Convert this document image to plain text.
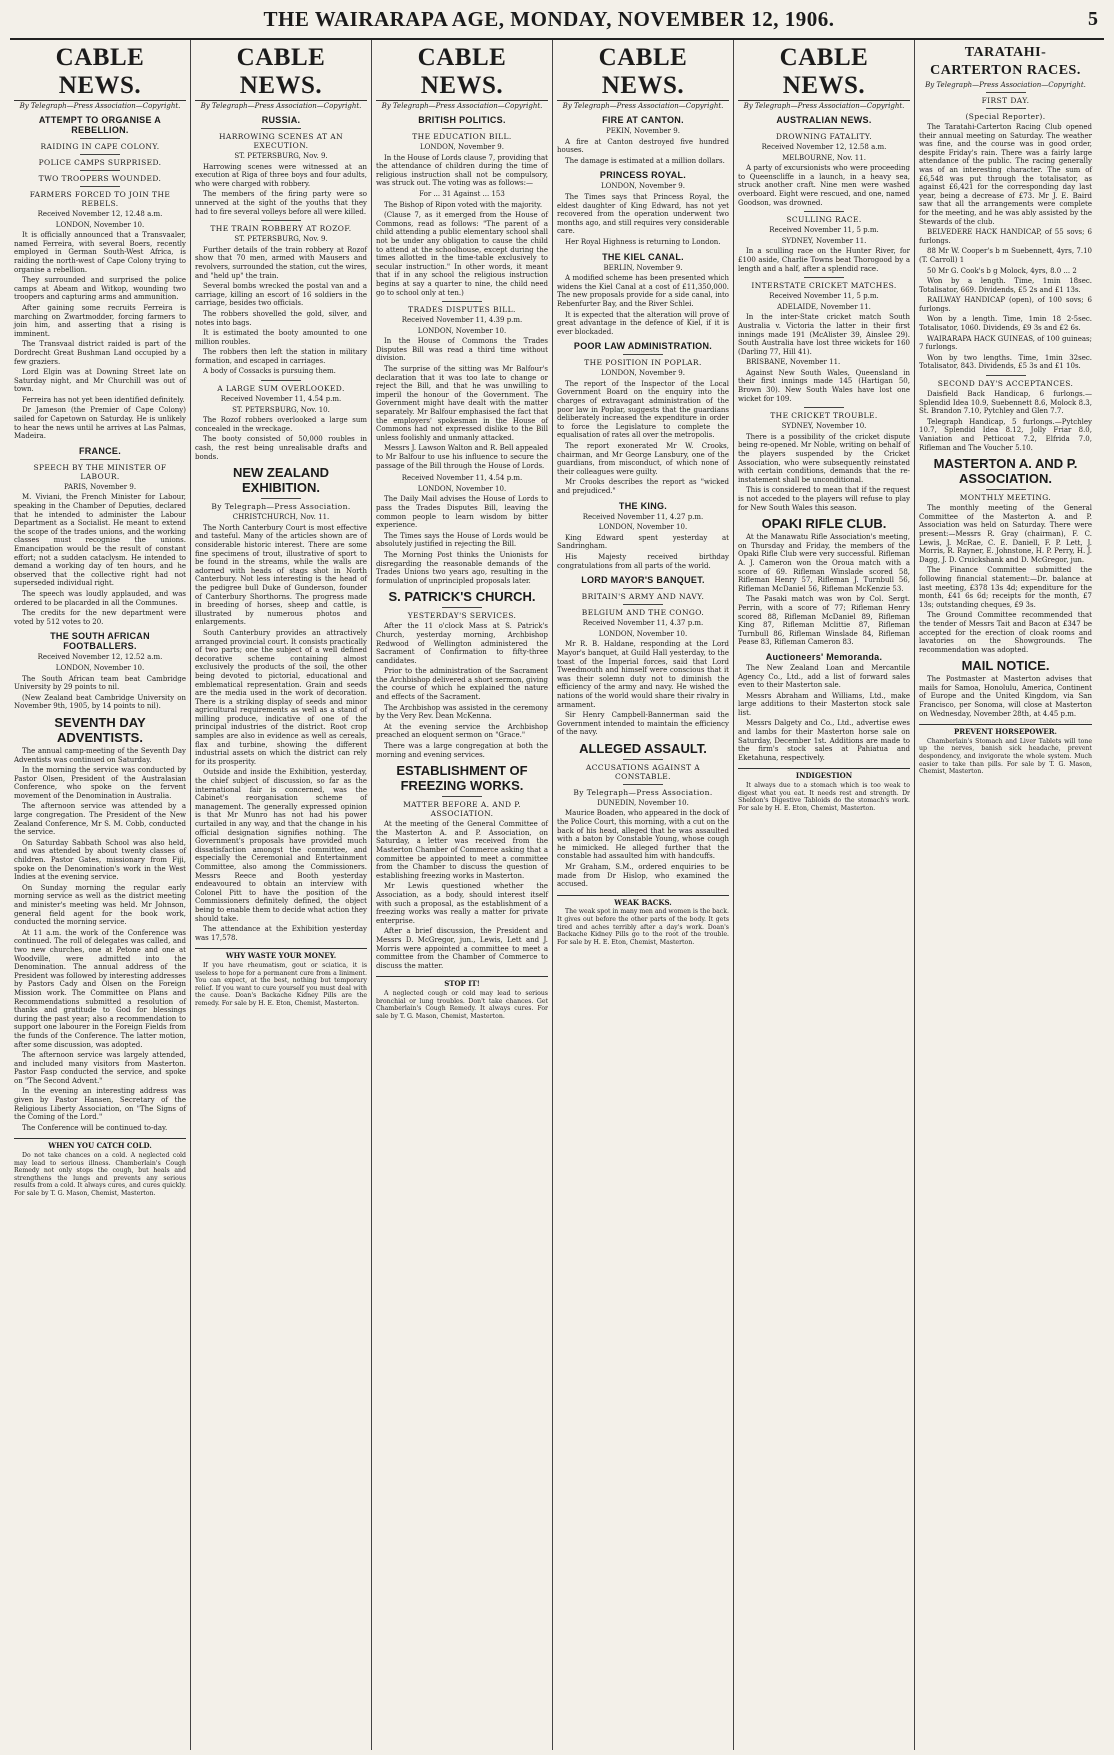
THE WAIRARAPA AGE, MONDAY, NOVEMBER 12, 1906.	5
CABLE NEWS.
By Telegraph—Press Association—Copyright.
ATTEMPT TO ORGANISE A REBELLION.
RAIDING IN CAPE COLONY.
POLICE CAMPS SURPRISED.
TWO TROOPERS WOUNDED.
FARMERS FORCED TO JOIN THE REBELS.

Received November 12, 12.48 a.m.

LONDON, November 10.

It is officially announced that a Transvaaler, named Ferreira, with several Boers, recently employed in German South-West Africa, is raiding the north-west of Cape Colony trying to organise a rebellion.

They surrounded and surprised the police camps at Abeam and Witkop, wounding two troopers and capturing arms and ammunition.

After gaining some recruits Ferreira is marching on Zwartmodder, forcing farmers to join him, and asserting that a rising is imminent.

The Transvaal district raided is part of the Dordrecht Great Bushman Land occupied by a few graziers.

Lord Elgin was at Downing Street late on Saturday night, and Mr Churchill was out of town.

Ferreira has not yet been identified definitely.

Dr Jameson (the Premier of Cape Colony) sailed for Capetown on Saturday. He is unlikely to hear the news until he arrives at Las Palmas, Madeira.

FRANCE.
SPEECH BY THE MINISTER OF LABOUR.

PARIS, November 9.

M. Viviani, the French Minister for Labour, speaking in the Chamber of Deputies, declared that he intended to administer the Labour Department as a Socialist. He meant to extend the scope of the trades unions, and the working classes must recognise the unions. Emancipation would be the result of constant effort; not a sudden cataclysm. He intended to demand a working day of ten hours, and he observed that the collective right had not superseded individual right.

The speech was loudly applauded, and was ordered to be placarded in all the Communes.

The credits for the new department were voted by 512 votes to 20.

THE SOUTH AFRICAN FOOTBALLERS.

Received November 12, 12.52 a.m.

LONDON, November 10.

The South African team beat Cambridge University by 29 points to nil.

(New Zealand beat Cambridge University on November 9th, 1905, by 14 points to nil).

SEVENTH DAY ADVENTISTS.

The annual camp-meeting of the Seventh Day Adventists was continued on Saturday.

In the morning the service was conducted by Pastor Olsen, President of the Australasian Conference, who spoke on the fervent movement of the Denomination in Australia.

The afternoon service was attended by a large congregation. The President of the New Zealand Conference, Mr S. M. Cobb, conducted the service.

On Saturday Sabbath School was also held, and was attended by about twenty classes of children. Pastor Gates, missionary from Fiji, spoke on the Denomination's work in the West Indies at the evening service.

On Sunday morning the regular early morning service as well as the district meeting and minister's meeting was held. Mr Johnson, general field agent for the book work, conducted the morning service.

At 11 a.m. the work of the Conference was continued. The roll of delegates was called, and two new churches, one at Petone and one at Woodville, were admitted into the Denomination. The annual address of the President was followed by interesting addresses by Pastors Cady and Olsen on the Foreign Mission work. The Committee on Plans and Recommendations submitted a resolution of thanks and gratitude to God for blessings during the past year; also a recommendation to support one labourer in the Foreign Fields from the funds of the Conference. The latter motion, after some discussion, was adopted.

The afternoon service was largely attended, and included many visitors from Masterton. Pastor Fasp conducted the service, and spoke on "The Second Advent."

In the evening an interesting address was given by Pastor Hansen, Secretary of the Religious Liberty Association, on "The Signs of the Coming of the Lord."

The Conference will be continued to-day.

WHEN YOU CATCH COLD.

Do not take chances on a cold. A neglected cold may lead to serious illness. Chamberlain's Cough Remedy not only stops the cough, but heals and strengthens the lungs and prevents any serious results from a cold. It always cures, and cures quickly. For sale by T. G. Mason, Chemist, Masterton.

CABLE NEWS.
By Telegraph—Press Association—Copyright.
RUSSIA.
HARROWING SCENES AT AN EXECUTION.

ST. PETERSBURG, Nov. 9.

Harrowing scenes were witnessed at an execution at Riga of three boys and four adults, who were charged with robbery.

The members of the firing party were so unnerved at the sight of the youths that they had to fire several volleys before all were killed.

THE TRAIN ROBBERY AT ROZOF.

ST. PETERSBURG, Nov. 9.

Further details of the train robbery at Rozof show that 70 men, armed with Mausers and revolvers, surrounded the station, cut the wires, and "held up" the train.

Several bombs wrecked the postal van and a carriage, killing an escort of 16 soldiers in the carriage, besides two officials.

The robbers shovelled the gold, silver, and notes into bags.

It is estimated the booty amounted to one million roubles.

The robbers then left the station in military formation, and escaped in carriages.

A body of Cossacks is pursuing them.

A LARGE SUM OVERLOOKED.

Received November 11, 4.54 p.m.

ST. PETERSBURG, Nov. 10.

The Rozof robbers overlooked a large sum concealed in the wreckage.

The booty consisted of 50,000 roubles in cash, the rest being unrealisable drafts and bonds.

NEW ZEALAND EXHIBITION.
By Telegraph—Press Association.

CHRISTCHURCH, Nov. 11.

The North Canterbury Court is most effective and tasteful. Many of the articles shown are of considerable historic interest. There are some fine specimens of trout, illustrative of sport to be found in the streams, while the walls are adorned with heads of stags shot in North Canterbury. Not less interesting is the head of the pedigree bull Duke of Gunderson, founder of Canterbury Shorthorns. The progress made in breeding of horses, sheep and cattle, is illustrated by numerous photos and enlargements.

South Canterbury provides an attractively arranged provincial court. It consists practically of two parts; one the subject of a well defined decorative scheme containing almost exclusively the products of the soil, the other being devoted to pictorial, educational and emblematical representation. Grain and seeds are the media used in the work of decoration. There is a striking display of seeds and minor agricultural requirements as well as a stand of milling produce, indicative of one of the principal industries of the district. Root crop samples are also in evidence as well as cereals, flax and turbine, showing the different industrial assets on which the district can rely for its prosperity.

Outside and inside the Exhibition, yesterday, the chief subject of discussion, so far as the international fair is concerned, was the Cabinet's reorganisation scheme of management. The generally expressed opinion is that Mr Munro has not had his power curtailed in any way, and that the change in his official designation signifies nothing. The Government's proposals have provided much dissatisfaction amongst the committee, and especially the Ceremonial and Entertainment Committee, also among the Commissioners. Messrs Reece and Booth yesterday endeavoured to obtain an interview with Colonel Pitt to have the position of the Commissioners definitely defined, the object being to enable them to decide what action they should take.

The attendance at the Exhibition yesterday was 17,578.

WHY WASTE YOUR MONEY.

If you have rheumatism, gout or sciatica, it is useless to hope for a permanent cure from a liniment. You can expect, at the best, nothing but temporary relief. If you want to cure yourself you must deal with the cause. Doan's Backache Kidney Pills are the remedy. For sale by H. E. Eton, Chemist, Masterton.

CABLE NEWS.
By Telegraph—Press Association—Copyright.
BRITISH POLITICS.
THE EDUCATION BILL.

LONDON, November 9.

In the House of Lords clause 7, providing that the attendance of children during the time of religious instruction shall not be compulsory, was struck out. The voting was as follows:—

For ... 31 Against ... 153

The Bishop of Ripon voted with the majority.

(Clause 7, as it emerged from the House of Commons, read as follows: "The parent of a child attending a public elementary school shall not be under any obligation to cause the child to attend at the schoolhouse, except during the times allotted in the time-table exclusively to secular instruction." In other words, it meant that if in any school the religious instruction begins at say a quarter to nine, the child need go to school only at ten.)

TRADES DISPUTES BILL.

Received November 11, 4.39 p.m.

LONDON, November 10.

In the House of Commons the Trades Disputes Bill was read a third time without division.

The surprise of the sitting was Mr Balfour's declaration that it was too late to change or reject the Bill, and that he was unwilling to imperil the honour of the Government. The Government might have dealt with the matter separately. Mr Balfour emphasised the fact that the employers' spokesman in the House of Commons had not expressed dislike to the Bill unless foolishly and unmanly attacked.

Messrs J. Lawson Walton and R. Bell appealed to Mr Balfour to use his influence to secure the passage of the Bill through the House of Lords.

Received November 11, 4.54 p.m.

LONDON, November 10.

The Daily Mail advises the House of Lords to pass the Trades Disputes Bill, leaving the common people to learn wisdom by bitter experience.

The Times says the House of Lords would be absolutely justified in rejecting the Bill.

The Morning Post thinks the Unionists for disregarding the reasonable demands of the Trades Unions two years ago, resulting in the formulation of unprincipled proposals later.

S. PATRICK'S CHURCH.
YESTERDAY'S SERVICES.

After the 11 o'clock Mass at S. Patrick's Church, yesterday morning, Archbishop Redwood of Wellington administered the Sacrament of Confirmation to fifty-three candidates.

Prior to the administration of the Sacrament the Archbishop delivered a short sermon, giving the course of which he explained the nature and effects of the Sacrament.

The Archbishop was assisted in the ceremony by the Very Rev. Dean McKenna.

At the evening service the Archbishop preached an eloquent sermon on "Grace."

There was a large congregation at both the morning and evening services.

ESTABLISHMENT OF FREEZING WORKS.
MATTER BEFORE A. AND P. ASSOCIATION.

At the meeting of the General Committee of the Masterton A. and P. Association, on Saturday, a letter was received from the Masterton Chamber of Commerce asking that a committee be appointed to meet a committee from the Chamber to discuss the question of establishing freezing works in Masterton.

Mr Lewis questioned whether the Association, as a body, should interest itself with such a proposal, as the establishment of a freezing works was really a matter for private enterprise.

After a brief discussion, the President and Messrs D. McGregor, jun., Lewis, Lett and J. Morris were appointed a committee to meet a committee from the Chamber of Commerce to discuss the matter.

STOP IT!

A neglected cough or cold may lead to serious bronchial or lung troubles. Don't take chances. Get Chamberlain's Cough Remedy. It always cures. For sale by T. G. Mason, Chemist, Masterton.

CABLE NEWS.
By Telegraph—Press Association—Copyright.
FIRE AT CANTON.

PEKIN, November 9.

A fire at Canton destroyed five hundred houses.

The damage is estimated at a million dollars.

PRINCESS ROYAL.

LONDON, November 9.

The Times says that Princess Royal, the eldest daughter of King Edward, has not yet recovered from the operation underwent two months ago, and still requires very considerable care.

Her Royal Highness is returning to London.

THE KIEL CANAL.

BERLIN, November 9.

A modified scheme has been presented which widens the Kiel Canal at a cost of £11,350,000. The new proposals provide for a side canal, into Rebenfurter Bay, and the River Schlei.

It is expected that the alteration will prove of great advantage in the defence of Kiel, if it is ever blockaded.

POOR LAW ADMINISTRATION.
THE POSITION IN POPLAR.

LONDON, November 9.

The report of the Inspector of the Local Government Board on the enquiry into the charges of extravagant administration of the poor law in Poplar, suggests that the guardians deliberately increased the expenditure in order to force the Legislature to complete the equalisation of rates all over the metropolis.

The report exonerated Mr W. Crooks, chairman, and Mr George Lansbury, one of the guardians, from misconduct, of which none of their colleagues were guilty.

Mr Crooks describes the report as "wicked and prejudiced."

THE KING.

Received November 11, 4.27 p.m.

LONDON, November 10.

King Edward spent yesterday at Sandringham.

His Majesty received birthday congratulations from all parts of the world.

LORD MAYOR'S BANQUET.
BRITAIN'S ARMY AND NAVY.
BELGIUM AND THE CONGO.

Received November 11, 4.37 p.m.

LONDON, November 10.

Mr R. B. Haldane, responding at the Lord Mayor's banquet, at Guild Hall yesterday, to the toast of the Imperial forces, said that Lord Tweedmouth and himself were conscious that it was their solemn duty not to diminish the efficiency of the army and navy. He wished the nations of the world would share their rivalry in armament.

Sir Henry Campbell-Bannerman said the Government intended to maintain the efficiency of the navy.

ALLEGED ASSAULT.
ACCUSATIONS AGAINST A CONSTABLE.
By Telegraph—Press Association.

DUNEDIN, November 10.

Maurice Boaden, who appeared in the dock of the Police Court, this morning, with a cut on the back of his head, alleged that he was assaulted with a baton by Constable Young, whose cough he mimicked. He alleged further that the constable had assaulted him with handcuffs.

Mr Graham, S.M., ordered enquiries to be made from Dr Hislop, who examined the accused.

WEAK BACKS.

The weak spot in many men and women is the back. It gives out before the other parts of the body. It gets tired and aches terribly after a day's work. Doan's Backache Kidney Pills go to the root of the trouble. For sale by H. E. Eton, Chemist, Masterton.

CABLE NEWS.
By Telegraph—Press Association—Copyright.
AUSTRALIAN NEWS.
DROWNING FATALITY.

Received November 12, 12.58 a.m.

MELBOURNE, Nov. 11.

A party of excursionists who were proceeding to Queenscliffe in a launch, in a heavy sea, struck another craft. Nine men were washed overboard. Eight were rescued, and one, named Goodson, was drowned.

SCULLING RACE.

Received November 11, 5 p.m.

SYDNEY, November 11.

In a sculling race on the Hunter River, for £100 aside, Charlie Towns beat Thorogood by a length and a half, after a splendid race.

INTERSTATE CRICKET MATCHES.

Received November 11, 5 p.m.

ADELAIDE, November 11.

In the inter-State cricket match South Australia v. Victoria the latter in their first innings made 191 (McAlister 39, Ainslee 29). South Australia have lost three wickets for 160 (Darling 77, Hill 41).

BRISBANE, November 11.

Against New South Wales, Queensland in their first innings made 145 (Hartigan 50, Brown 30). New South Wales have lost one wicket for 109.

THE CRICKET TROUBLE.

SYDNEY, November 10.

There is a possibility of the cricket dispute being re-opened. Mr Noble, writing on behalf of the players suspended by the Cricket Association, who were subsequently reinstated with certain conditions, demands that the re-instatement shall be unconditional.

This is considered to mean that if the request is not acceded to the players will refuse to play for New South Wales this season.

OPAKI RIFLE CLUB.

At the Manawatu Rifle Association's meeting, on Thursday and Friday, the members of the Opaki Rifle Club were very successful. Rifleman A. J. Cameron won the Oroua match with a score of 69. Rifleman Winslade scored 58, Rifleman Henry 57, Rifleman J. Turnbull 56, Rifleman McDaniel 56, Rifleman McKenzie 53.

The Pasaki match was won by Col. Sergt. Perrin, with a score of 77; Rifleman Henry scored 88, Rifleman McDaniel 89, Rifleman King 87, Rifleman Mclittie 87, Rifleman Turnbull 86, Rifleman Winslade 84, Rifleman Pease 83, Rifleman Cameron 83.

Auctioneers' Memoranda.

The New Zealand Loan and Mercantile Agency Co., Ltd., add a list of forward sales even to their Masterton sale.

Messrs Abraham and Williams, Ltd., make large additions to their Masterton stock sale list.

Messrs Dalgety and Co., Ltd., advertise ewes and lambs for their Masterton horse sale on Saturday, December 1st. Additions are made to the firm's stock sales at Pahiatua and Eketahuna, respectively.

INDIGESTION

It always due to a stomach which is too weak to digest what you eat. It needs rest and strength. Dr Sheldon's Digestive Tabloids do the stomach's work. For sale by H. E. Eton, Chemist, Masterton.

TARATAHI-CARTERTON RACES.
By Telegraph—Press Association—Copyright.
FIRST DAY.
(Special Reporter).

The Taratahi-Carterton Racing Club opened their annual meeting on Saturday. The weather was fine, and the course was in good order, despite Friday's rain. There was a fairly large attendance of the public. The racing generally was of an interesting character. The sum of £6,548 was put through the totalisator, as against £6,421 for the corresponding day last year, being a decrease of £73. Mr J. E. Baird saw that all the arrangements were complete for the meeting, and he was ably assisted by the Stewards of the club.

BELVEDERE HACK HANDICAP, of 55 sovs; 6 furlongs.

88 Mr W. Cooper's b m Suebennett, 4yrs, 7.10 (T. Carroll) 1

50 Mr G. Cook's b g Molock, 4yrs, 8.0 ... 2

Won by a length. Time, 1min 18sec. Totalisator, 669. Dividends, £5 2s and £1 13s.

RAILWAY HANDICAP (open), of 100 sovs; 6 furlongs.

Won by a length. Time, 1min 18 2-5sec. Totalisator, 1060. Dividends, £9 3s and £2 6s.

WAIRARAPA HACK GUINEAS, of 100 guineas; 7 furlongs.

Won by two lengths. Time, 1min 32sec. Totalisator, 843. Dividends, £5 3s and £1 10s.

SECOND DAY'S ACCEPTANCES.

Daisfield Back Handicap, 6 furlongs.—Splendid Idea 10.9, Suebennett 8.6, Molock 8.3, St. Brandon 7.10, Pytchley and Glen 7.7.

Telegraph Handicap, 5 furlongs.—Pytchley 10.7, Splendid Idea 8.12, Jolly Friar 8.0, Vaniation and Petticoat 7.2, Elfrida 7.0, Rifleman and The Voucher 5.10.

MASTERTON A. AND P. ASSOCIATION.
MONTHLY MEETING.

The monthly meeting of the General Committee of the Masterton A. and P. Association was held on Saturday. There were present:—Messrs R. Gray (chairman), F. C. Lewis, J. McRae, C. E. Daniell, F. P. Lett, J. Morris, R. Rayner, E. Johnstone, H. P. Perry, H. J. Dagg, J. D. Cruickshank and D. McGregor, jun.

The Finance Committee submitted the following financial statement:—Dr. balance at last meeting, £378 13s 4d; expenditure for the month, £41 6s 6d; receipts for the month, £7 13s; outstanding cheques, £9 3s.

The Ground Committee recommended that the tender of Messrs Tait and Bacon at £347 be accepted for the erection of cloak rooms and lavatories on the Showgrounds. The recommendation was adopted.

MAIL NOTICE.

The Postmaster at Masterton advises that mails for Samoa, Honolulu, America, Continent of Europe and the United Kingdom, via San Francisco, per Sonoma, will close at Masterton on Wednesday, November 28th, at 4.45 p.m.

PREVENT HORSEPOWER.

Chamberlain's Stomach and Liver Tablets will tone up the nerves, banish sick headache, prevent despondency, and invigorate the whole system. Much easier to take than pills. For sale by T. G. Mason, Chemist, Masterton.
